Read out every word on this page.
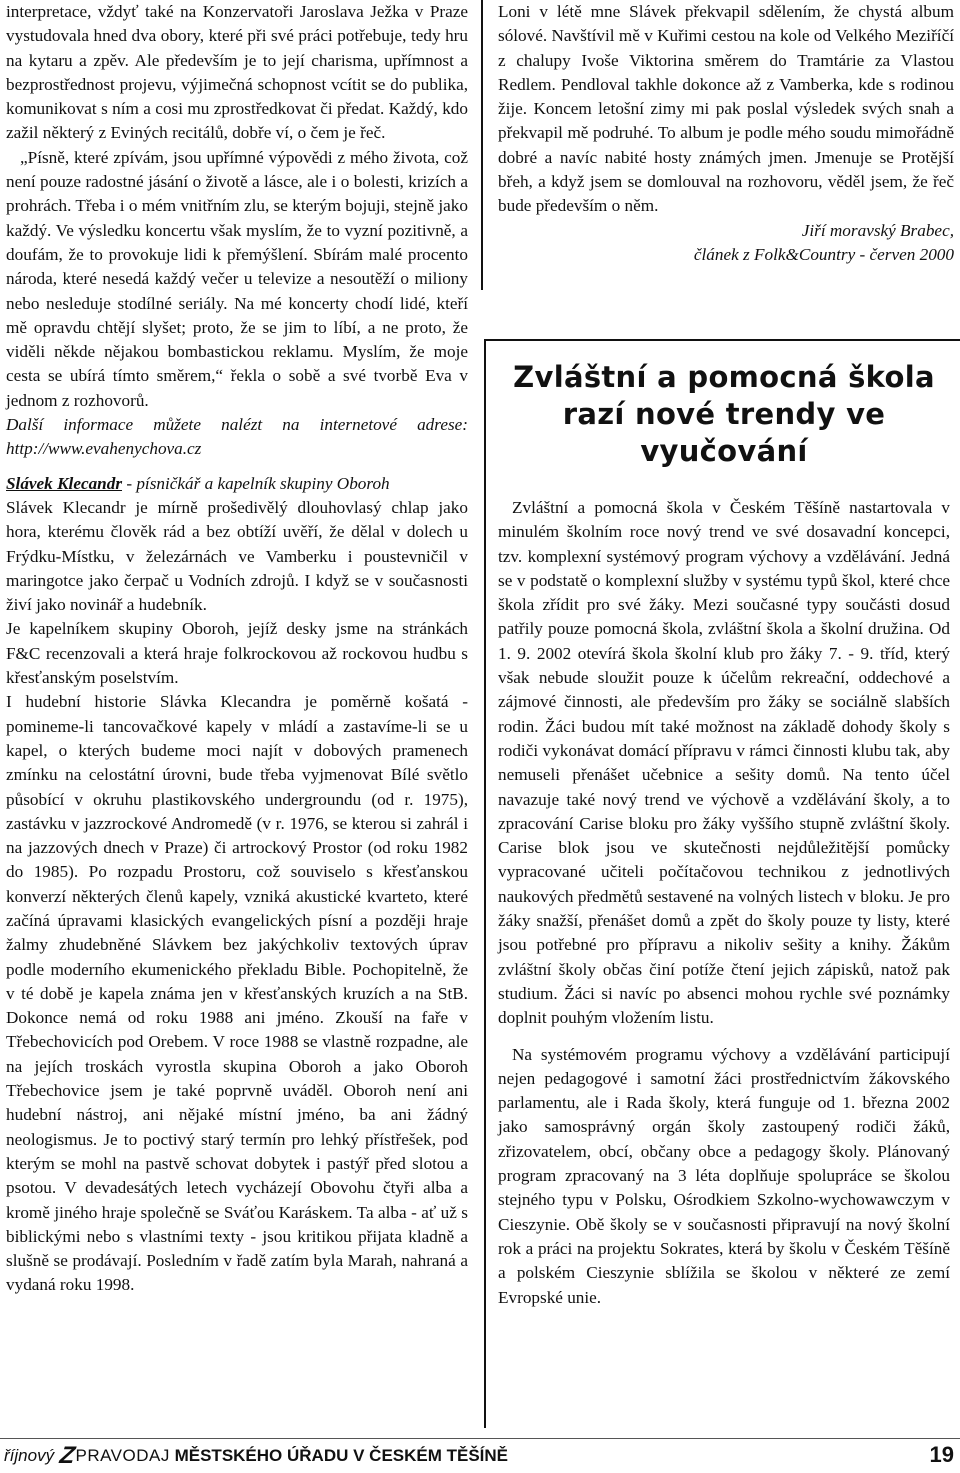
interpretace, vždyť také na Konzervatoři Jaroslava Ježka v Praze vystudovala hned dva obory, které při své práci potřebuje, tedy hru na kytaru a zpěv. Ale především je to její charisma, upřímnost a bezprostřednost projevu, výjimečná schopnost vcítit se do publika, komunikovat s ním a cosi mu zprostředkovat či předat. Každý, kdo zažil některý z Eviných recitálů, dobře ví, o čem je řeč.

„Písně, které zpívám, jsou upřímné výpovědi z mého života, což není pouze radostné jásání o životě a lásce, ale i o bolesti, krizích a prohrách. Třeba i o mém vnitřním zlu, se kterým bojuji, stejně jako každý. Ve výsledku koncertu však myslím, že to vyzní pozitivně, a doufám, že to provokuje lidi k přemýšlení. Sbírám malé procento národa, které nesedá každý večer u televize a nesoutěží o miliony nebo nesleduje stodílné seriály. Na mé koncerty chodí lidé, kteří mě opravdu chtějí slyšet; proto, že se jim to líbí, a ne proto, že viděli někde nějakou bombastickou reklamu. Myslím, že moje cesta se ubírá tímto směrem,“ řekla o sobě a své tvorbě Eva v jednom z rozhovorů.

Další informace můžete nalézt na internetové adrese: http://www.evahenychova.cz

Slávek Klecandr - písničkář a kapelník skupiny Oboroh

Slávek Klecandr je mírně prošedivělý dlouhovlasý chlap jako hora, kterému člověk rád a bez obtíží uvěří, že dělal v dolech u Frýdku-Místku, v železárnách ve Vamberku i poustevničil v maringotce jako čerpač u Vodních zdrojů. I když se v současnosti živí jako novinář a hudebník.

Je kapelníkem skupiny Oboroh, jejíž desky jsme na stránkách F&C recenzovali a která hraje folkrockovou až rockovou hudbu s křesťanským poselstvím.

I hudební historie Slávka Klecandra je poměrně košatá - pomineme-li tancovačkové kapely v mládí a zastavíme-li se u kapel, o kterých budeme moci najít v dobových pramenech zmínku na celostátní úrovni, bude třeba vyjmenovat Bílé světlo působící v okruhu plastikovského undergroundu (od r. 1975), zastávku v jazzrockové Andromedě (v r. 1976, se kterou si zahrál i na jazzových dnech v Praze) či artrockový Prostor (od roku 1982 do 1985). Po rozpadu Prostoru, což souviselo s křesťanskou konverzí některých členů kapely, vzniká akustické kvarteto, které začíná úpravami klasických evangelických písní a později hraje žalmy zhudebněné Slávkem bez jakýchkoliv textových úprav podle moderního ekumenického překladu Bible. Pochopitelně, že v té době je kapela známa jen v křesťanských kruzích a na StB. Dokonce nemá od roku 1988 ani jméno. Zkouší na faře v Třebechovicích pod Orebem. V roce 1988 se vlastně rozpadne, ale na jejích troskách vyrostla skupina Oboroh a jako Oboroh Třebechovice jsem je také poprvně uváděl. Oboroh není ani hudební nástroj, ani nějaké místní jméno, ba ani žádný neologismus. Je to poctivý starý termín pro lehký přístřešek, pod kterým se mohl na pastvě schovat dobytek i pastýř před slotou a psotou. V devadesátých letech vycházejí Obovohu čtyři alba a kromě jiného hraje společně se Sváťou Karáskem. Ta alba - ať už s biblickými nebo s vlastními texty - jsou kritikou přijata kladně a slušně se prodávají. Posledním v řadě zatím byla Marah, nahraná a vydaná roku 1998.

Loni v létě mne Slávek překvapil sdělením, že chystá album sólové. Navštívil mě v Kuřimi cestou na kole od Velkého Meziříčí z chalupy Ivoše Viktorina směrem do Tramtárie za Vlastou Redlem. Pendloval takhle dokonce až z Vamberka, kde s rodinou žije. Koncem letošní zimy mi pak poslal výsledek svých snah a překvapil mě podruhé. To album je podle mého soudu mimořádně dobré a navíc nabité hosty známých jmen. Jmenuje se Protější břeh, a když jsem se domlouval na rozhovoru, věděl jsem, že řeč bude především o něm.

Jiří moravský Brabec,

článek z Folk&Country - červen 2000

Zvláštní a pomocná škola razí nové trendy ve vyučování

Zvláštní a pomocná škola v Českém Těšíně nastartovala v minulém školním roce nový trend ve své dosavadní koncepci, tzv. komplexní systémový program výchovy a vzdělávání. Jedná se v podstatě o komplexní služby v systému typů škol, které chce škola zřídit pro své žáky. Mezi současné typy součásti dosud patřily pouze pomocná škola, zvláštní škola a školní družina. Od 1. 9. 2002 otevírá škola školní klub pro žáky 7. - 9. tříd, který však nebude sloužit pouze k účelům rekreační, oddechové a zájmové činnosti, ale především pro žáky se sociálně slabších rodin. Žáci budou mít také možnost na základě dohody školy s rodiči vykonávat domácí přípravu v rámci činnosti klubu tak, aby nemuseli přenášet učebnice a sešity domů. Na tento účel navazuje také nový trend ve výchově a vzdělávání školy, a to zpracování Carise bloku pro žáky vyššího stupně zvláštní školy. Carise blok jsou ve skutečnosti nejdůležitější pomůcky vypracované učiteli počítačovou technikou z jednotlivých naukových předmětů sestavené na volných listech v bloku. Je pro žáky snažší, přenášet domů a zpět do školy pouze ty listy, které jsou potřebné pro přípravu a nikoliv sešity a knihy. Žákům zvláštní školy občas činí potíže čtení jejich zápisků, natož pak studium. Žáci si navíc po absenci mohou rychle své poznámky doplnit pouhým vložením listu.

Na systémovém programu výchovy a vzdělávání participují nejen pedagogové i samotní žáci prostřednictvím žákovského parlamentu, ale i Rada školy, která funguje od 1. března 2002 jako samosprávný orgán školy zastoupený rodiči žáků, zřizovatelem, obcí, občany obce a pedagogy školy. Plánovaný program zpracovaný na 3 léta doplňuje spolupráce se školou stejného typu v Polsku, Ośrodkiem Szkolno-wychowawczym v Cieszynie. Obě školy se v současnosti připravují na nový školní rok a práci na projektu Sokrates, která by školu v Českém Těšíně a polském Cieszynie sblížila se školou v některé ze zemí Evropské unie.

říjnový ZPRAVODAJ MĚSTSKÉHO ÚŘADU V ČESKÉM TĚŠÍNĚ	19
